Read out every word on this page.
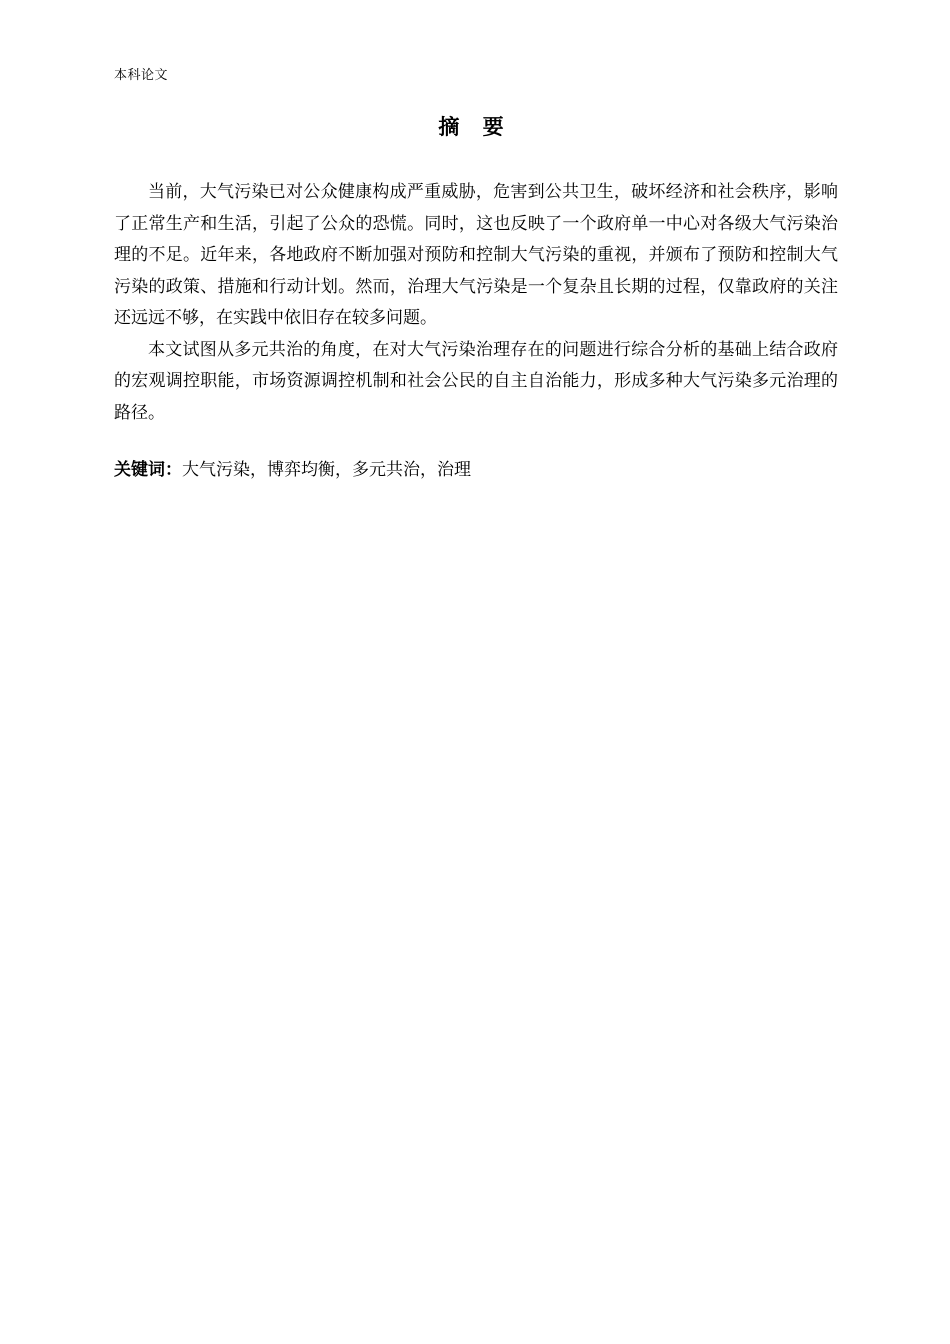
本科论文
摘 要

当前，大气污染已对公众健康构成严重威胁，危害到公共卫生，破坏经济和社会秩序，影响了正常生产和生活，引起了公众的恐慌。同时，这也反映了一个政府单一中心对各级大气污染治理的不足。近年来，各地政府不断加强对预防和控制大气污染的重视，并颁布了预防和控制大气污染的政策、措施和行动计划。然而，治理大气污染是一个复杂且长期的过程，仅靠政府的关注还远远不够，在实践中依旧存在较多问题。

本文试图从多元共治的角度，在对大气污染治理存在的问题进行综合分析的基础上结合政府的宏观调控职能，市场资源调控机制和社会公民的自主自治能力，形成多种大气污染多元治理的路径。

关键词：大气污染，博弈均衡，多元共治，治理
